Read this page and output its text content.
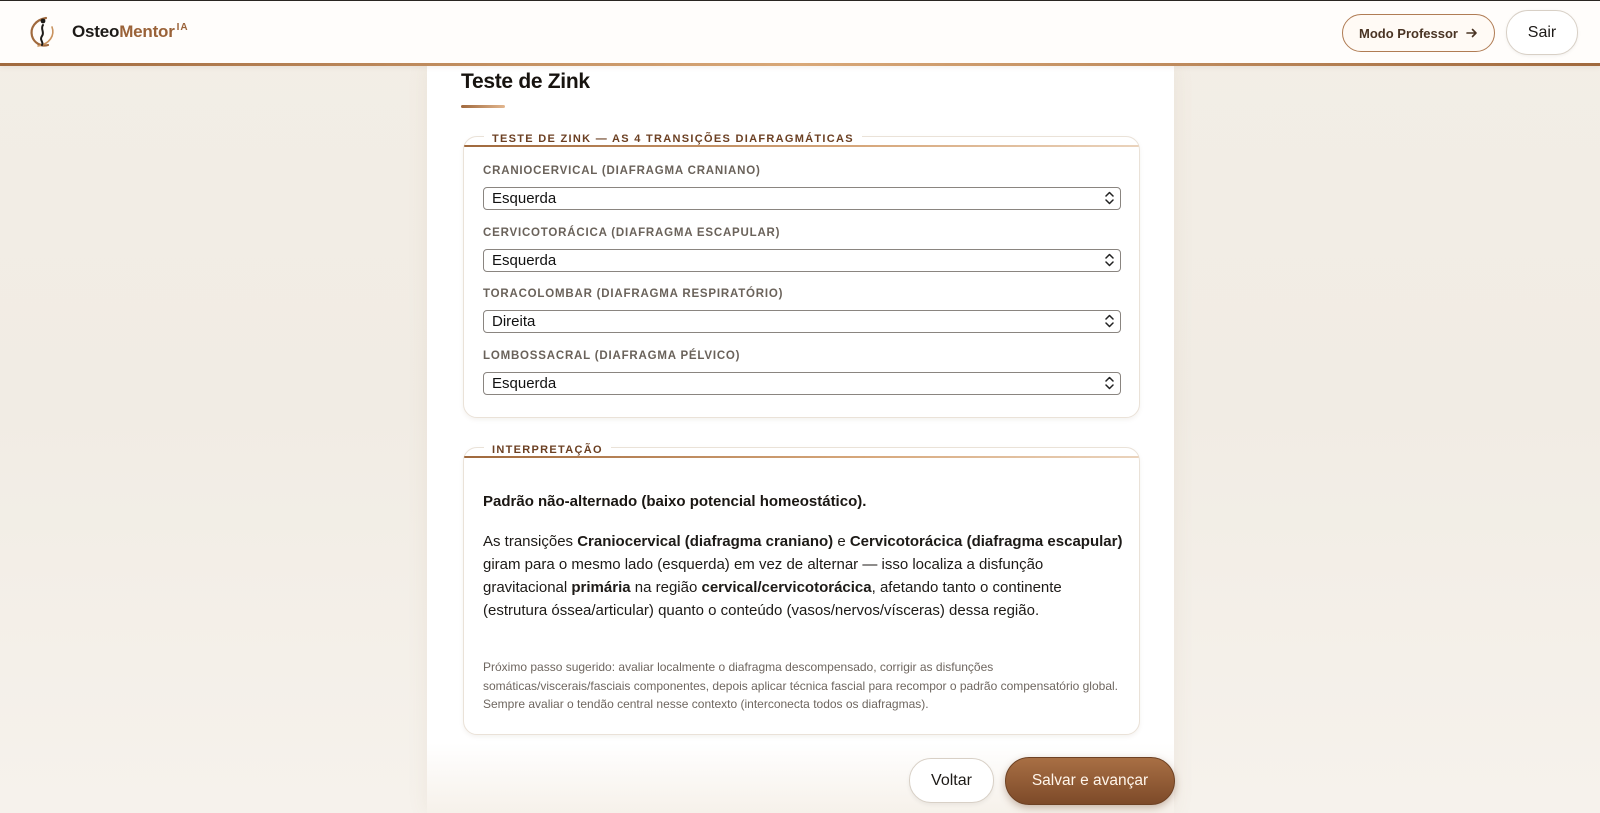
OsteoMentor $^{IA}$	Modo Professor	Sair
Teste de Zink
TESTE DE ZINK — AS 4 TRANSIÇÕES DIAFRAGMÁTICAS
CRANIOCERVICAL (DIAFRAGMA CRANIANO)
Esquerda
CERVICOTORÁCICA (DIAFRAGMA ESCAPULAR)
Esquerda
TORACOLOMBAR (DIAFRAGMA RESPIRATÓRIO)
Direita
LOMBOSSACRAL (DIAFRAGMA PÉLVICO)
Esquerda
INTERPRETAÇÃO

Padrão não-alternado (baixo potencial homeostático).

As transições Craniocervical (diafragma craniano) e Cervicotorácica (diafragma escapular) giram para o mesmo lado (esquerda) em vez de alternar — isso localiza a disfunção gravitacional primária na região cervical/cervicotorácica, afetando tanto o continente (estrutura óssea/articular) quanto o conteúdo (vasos/nervos/vísceras) dessa região.

Próximo passo sugerido: avaliar localmente o diafragma descompensado, corrigir as disfunções somáticas/viscerais/fasciais componentes, depois aplicar técnica fascial para recompor o padrão compensatório global. Sempre avaliar o tendão central nesse contexto (interconecta todos os diafragmas).

Voltar	Salvar e avançar
